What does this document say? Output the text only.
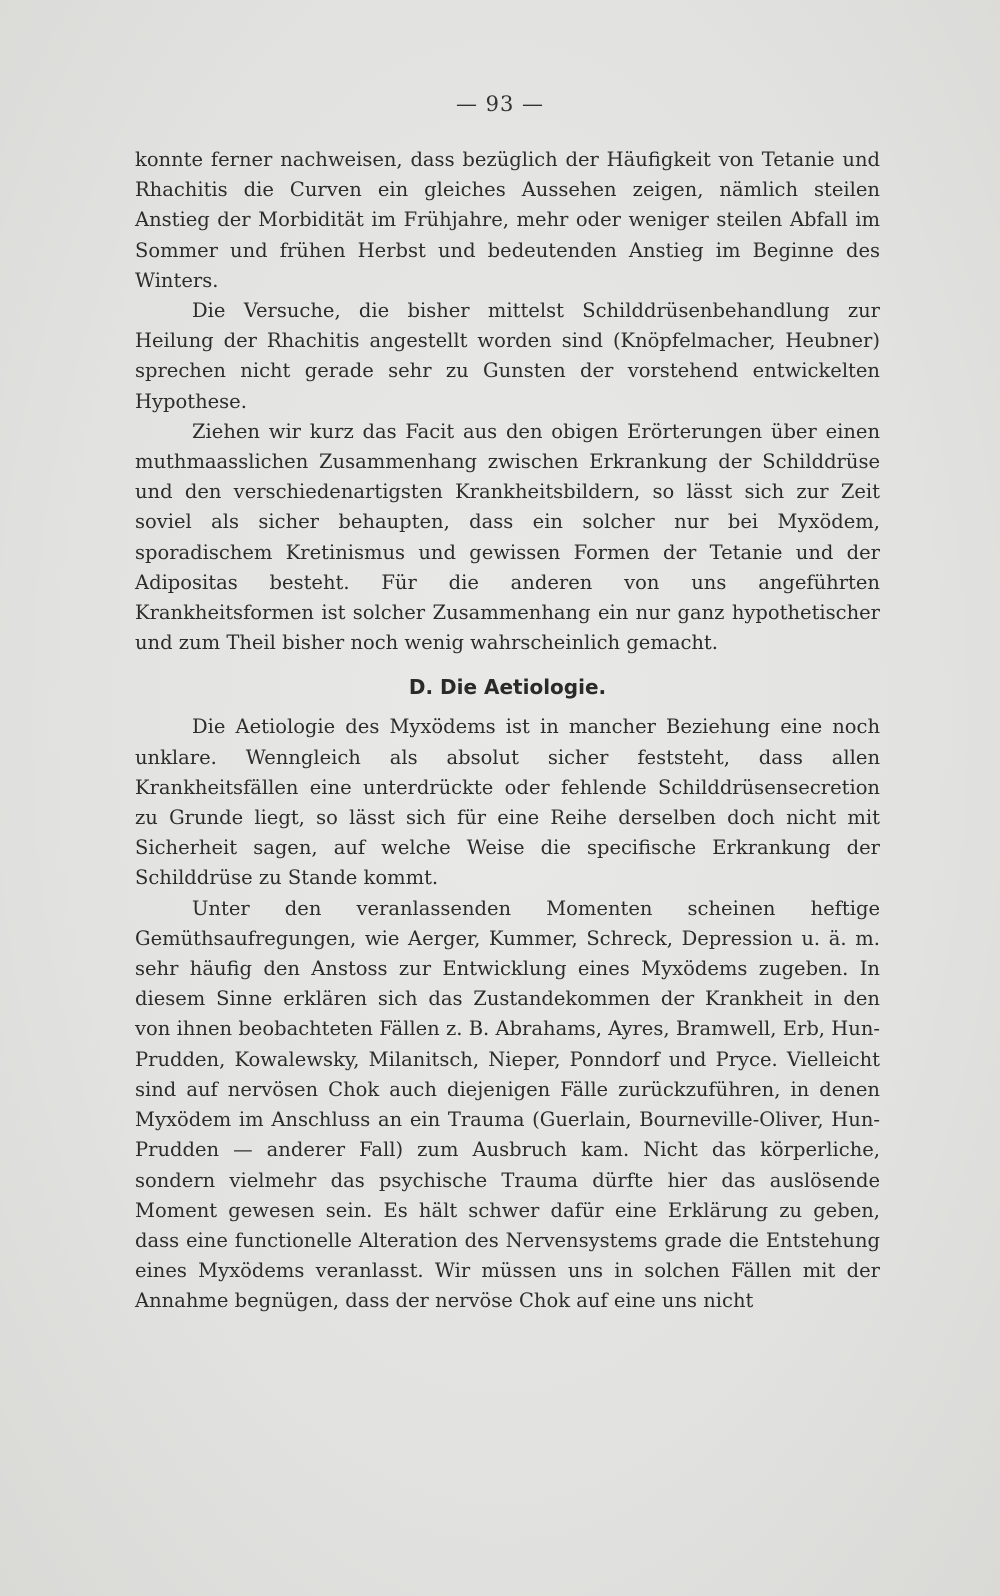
— 93 —

konnte ferner nachweisen, dass bezüglich der Häufigkeit von Tetanie und Rhachitis die Curven ein gleiches Aussehen zeigen, nämlich steilen Anstieg der Morbidität im Frühjahre, mehr oder weniger steilen Abfall im Sommer und frühen Herbst und bedeutenden Anstieg im Beginne des Winters.

Die Versuche, die bisher mittelst Schilddrüsenbehandlung zur Heilung der Rhachitis angestellt worden sind (Knöpfelmacher, Heubner) sprechen nicht gerade sehr zu Gunsten der vorstehend entwickelten Hypothese.

Ziehen wir kurz das Facit aus den obigen Erörterungen über einen muthmaasslichen Zusammenhang zwischen Erkrankung der Schilddrüse und den verschiedenartigsten Krankheitsbildern, so lässt sich zur Zeit soviel als sicher behaupten, dass ein solcher nur bei Myxödem, sporadischem Kretinismus und gewissen Formen der Tetanie und der Adipositas besteht. Für die anderen von uns angeführten Krankheitsformen ist solcher Zusammenhang ein nur ganz hypothetischer und zum Theil bisher noch wenig wahrscheinlich gemacht.

D. Die Aetiologie.

Die Aetiologie des Myxödems ist in mancher Beziehung eine noch unklare. Wenngleich als absolut sicher feststeht, dass allen Krankheitsfällen eine unterdrückte oder fehlende Schilddrüsensecretion zu Grunde liegt, so lässt sich für eine Reihe derselben doch nicht mit Sicherheit sagen, auf welche Weise die specifische Erkrankung der Schilddrüse zu Stande kommt.

Unter den veranlassenden Momenten scheinen heftige Gemüthsaufregungen, wie Aerger, Kummer, Schreck, Depression u. ä. m. sehr häufig den Anstoss zur Entwicklung eines Myxödems zugeben. In diesem Sinne erklären sich das Zustandekommen der Krankheit in den von ihnen beobachteten Fällen z. B. Abrahams, Ayres, Bramwell, Erb, Hun-Prudden, Kowalewsky, Milanitsch, Nieper, Ponndorf und Pryce. Vielleicht sind auf nervösen Chok auch diejenigen Fälle zurückzuführen, in denen Myxödem im Anschluss an ein Trauma (Guerlain, Bourneville-Oliver, Hun-Prudden — anderer Fall) zum Ausbruch kam. Nicht das körperliche, sondern vielmehr das psychische Trauma dürfte hier das auslösende Moment gewesen sein. Es hält schwer dafür eine Erklärung zu geben, dass eine functionelle Alteration des Nervensystems grade die Entstehung eines Myxödems veranlasst. Wir müssen uns in solchen Fällen mit der Annahme begnügen, dass der nervöse Chok auf eine uns nicht
